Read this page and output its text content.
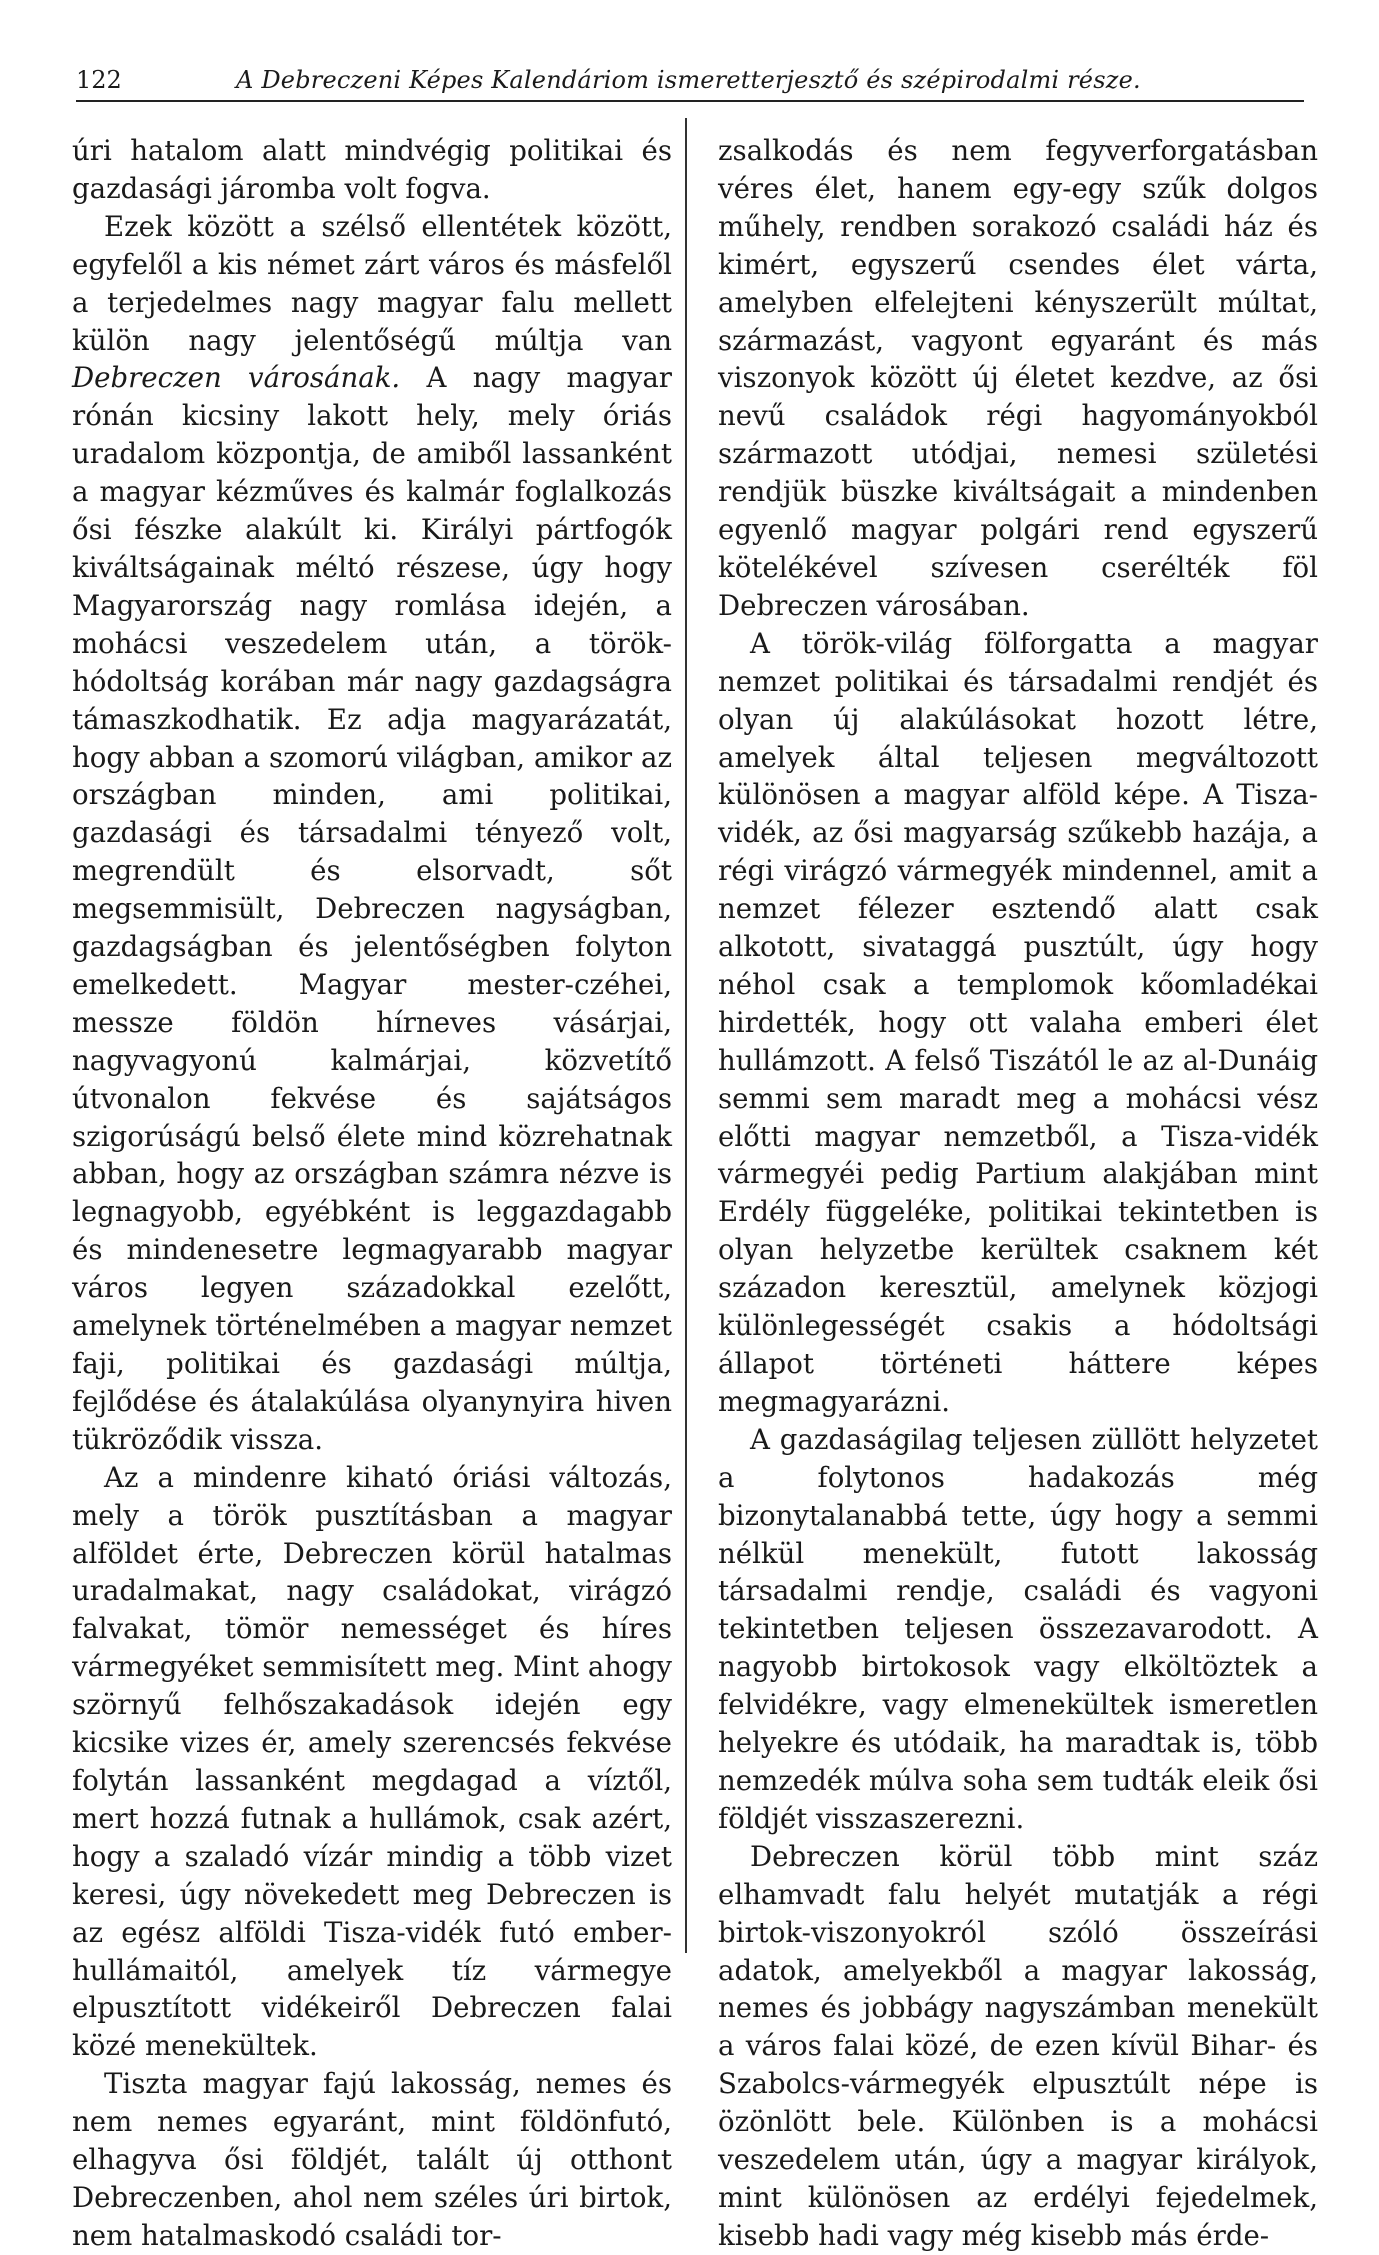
122	A Debreczeni Képes Kalendáriom ismeretterjesztő és szépirodalmi része.

úri hatalom alatt mindvégig politikai és gazdasági járomba volt fogva.

Ezek között a szélső ellentétek között, egyfelől a kis német zárt város és másfelől a terjedelmes nagy magyar falu mellett külön nagy jelentőségű múltja van Debreczen városának. A nagy magyar rónán kicsiny lakott hely, mely óriás uradalom központja, de amiből lassanként a magyar kézműves és kalmár foglalkozás ősi fészke alakúlt ki. Királyi pártfogók kiváltságainak méltó részese, úgy hogy Magyarország nagy romlása idején, a mohácsi veszedelem után, a török-hódoltság korában már nagy gazdagságra támaszkodhatik. Ez adja magyarázatát, hogy abban a szomorú világban, amikor az országban minden, ami politikai, gazdasági és társadalmi tényező volt, megrendült és elsorvadt, sőt megsemmisült, Debreczen nagyságban, gazdagságban és jelentőségben folyton emelkedett. Magyar mester-czéhei, messze földön hírneves vásárjai, nagyvagyonú kalmárjai, közvetítő útvonalon fekvése és sajátságos szigorúságú belső élete mind közrehatnak abban, hogy az országban számra nézve is legnagyobb, egyébként is leggazdagabb és mindenesetre legmagyarabb magyar város legyen századokkal ezelőtt, amelynek történelmében a magyar nemzet faji, politikai és gazdasági múltja, fejlődése és átalakúlása olyanynyira hiven tükröződik vissza.

Az a mindenre kiható óriási változás, mely a török pusztításban a magyar alföldet érte, Debreczen körül hatalmas uradalmakat, nagy családokat, virágzó falvakat, tömör nemességet és híres vármegyéket semmisített meg. Mint ahogy szörnyű felhőszakadások idején egy kicsike vizes ér, amely szerencsés fekvése folytán lassanként megdagad a víztől, mert hozzá futnak a hullámok, csak azért, hogy a szaladó vízár mindig a több vizet keresi, úgy növekedett meg Debreczen is az egész alföldi Tisza-vidék futó ember-hullámaitól, amelyek tíz vármegye elpusztított vidékeiről Debreczen falai közé menekültek.

Tiszta magyar fajú lakosság, nemes és nem nemes egyaránt, mint földönfutó, elhagyva ősi földjét, talált új otthont Debreczenben, ahol nem széles úri birtok, nem hatalmaskodó családi tor-

zsalkodás és nem fegyverforgatásban véres élet, hanem egy-egy szűk dolgos műhely, rendben sorakozó családi ház és kimért, egyszerű csendes élet várta, amelyben elfelejteni kényszerült múltat, származást, vagyont egyaránt és más viszonyok között új életet kezdve, az ősi nevű családok régi hagyományokból származott utódjai, nemesi születési rendjük büszke kiváltságait a mindenben egyenlő magyar polgári rend egyszerű kötelékével szívesen cserélték föl Debreczen városában.

A török-világ fölforgatta a magyar nemzet politikai és társadalmi rendjét és olyan új alakúlásokat hozott létre, amelyek által teljesen megváltozott különösen a magyar alföld képe. A Tisza-vidék, az ősi magyarság szűkebb hazája, a régi virágzó vármegyék mindennel, amit a nemzet félezer esztendő alatt csak alkotott, sivataggá pusztúlt, úgy hogy néhol csak a templomok kőomladékai hirdették, hogy ott valaha emberi élet hullámzott. A felső Tiszától le az al-Dunáig semmi sem maradt meg a mohácsi vész előtti magyar nemzetből, a Tisza-vidék vármegyéi pedig Partium alakjában mint Erdély függeléke, politikai tekintetben is olyan helyzetbe kerültek csaknem két századon keresztül, amelynek közjogi különlegességét csakis a hódoltsági állapot történeti háttere képes megmagyarázni.

A gazdaságilag teljesen züllött helyzetet a folytonos hadakozás még bizonytalanabbá tette, úgy hogy a semmi nélkül menekült, futott lakosság társadalmi rendje, családi és vagyoni tekintetben teljesen összezavarodott. A nagyobb birtokosok vagy elköltöztek a felvidékre, vagy elmenekültek ismeretlen helyekre és utódaik, ha maradtak is, több nemzedék múlva soha sem tudták eleik ősi földjét visszaszerezni.

Debreczen körül több mint száz elhamvadt falu helyét mutatják a régi birtok-viszonyokról szóló összeírási adatok, amelyekből a magyar lakosság, nemes és jobbágy nagyszámban menekült a város falai közé, de ezen kívül Bihar- és Szabolcs-vármegyék elpusztúlt népe is özönlött bele. Különben is a mohácsi veszedelem után, úgy a magyar királyok, mint különösen az erdélyi fejedelmek, kisebb hadi vagy még kisebb más érde-
